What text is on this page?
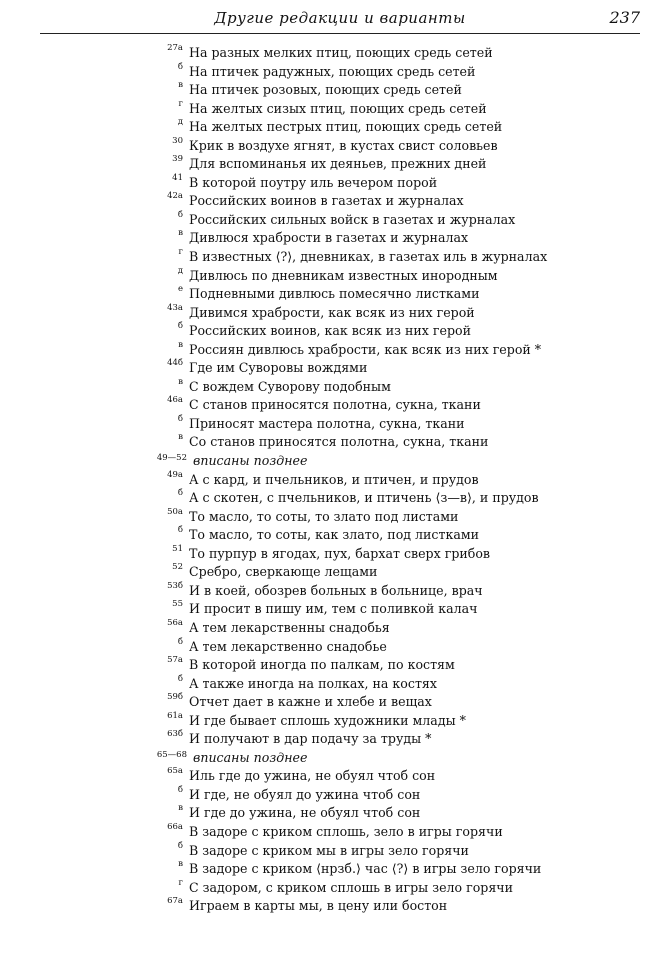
Другие редакции и варианты	237
27а На разных мелких птиц, поющих средь сетей
б На птичек радужных, поющих средь сетей
в На птичек розовых, поющих средь сетей
г На желтых сизых птиц, поющих средь сетей
д На желтых пестрых птиц, поющих средь сетей
30 Крик в воздухе ягнят, в кустах свист соловьев
39 Для вспоминанья их деяньев, прежних дней
41 В которой поутру иль вечером порой
42а Российских воинов в газетах и журналах
б Российских сильных войск в газетах и журналах
в Дивлюся храбрости в газетах и журналах
г В известных ⟨?⟩, дневниках, в газетах иль в журналах
д Дивлюсь по дневникам известных инородным
е Подневными дивлюсь помесячно листками
43а Дивимся храбрости, как всяк из них герой
б Российских воинов, как всяк из них герой
в Россиян дивлюсь храбрости, как всяк из них герой *
44б Где им Суворовы вождями
в С вождем Суворову подобным
46а С станов приносятся полотна, сукна, ткани
б Приносят мастера полотна, сукна, ткани
в Со станов приносятся полотна, сукна, ткани
49—52 вписаны позднее
49а А с кард, и пчельников, и птичен, и прудов
б А с скотен, с пчельников, и птичень ⟨з—в⟩, и прудов
50а То масло, то соты, то злато под листами
б То масло, то соты, как злато, под листками
51 То пурпур в ягодах, пух, бархат сверх грибов
52 Сребро, сверкающе лещами
53б И в коей, обозрев больных в больнице, врач
55 И просит в пишу им, тем с поливкой калач
56а А тем лекарственны снадобья
б А тем лекарственно снадобье
57а В которой иногда по палкам, по костям
б А также иногда на полках, на костях
59б Отчет дает в кажне и хлебе и вещах
61а И где бывает сплошь художники млады *
63б И получают в дар подачу за труды *
65—68 вписаны позднее
65а Иль где до ужина, не обуял чтоб сон
б И где, не обуял до ужина чтоб сон
в И где до ужина, не обуял чтоб сон
66а В задоре с криком сплошь, зело в игры горячи
б В задоре с криком мы в игры зело горячи
в В задоре с криком ⟨нрзб.⟩ час ⟨?⟩ в игры зело горячи
г С задором, с криком сплошь в игры зело горячи
67а Играем в карты мы, в цену или бостон
